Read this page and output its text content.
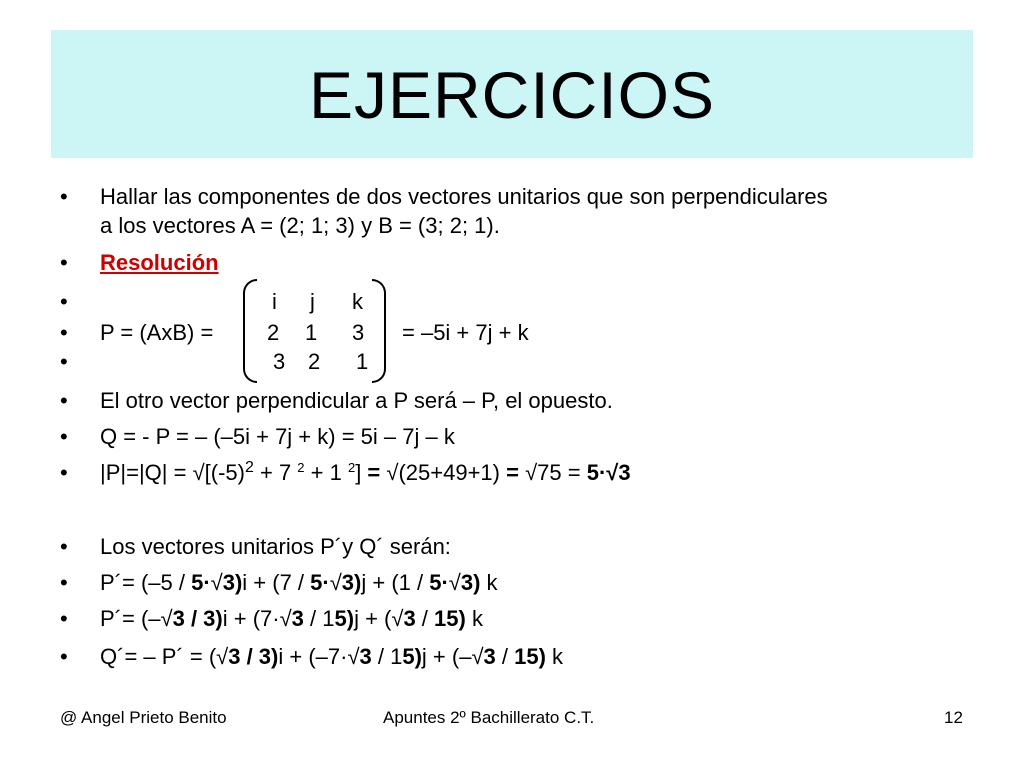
EJERCICIOS
• Hallar las componentes de dos vectores unitarios que son perpendiculares
a los vectores A = (2; 1; 3) y B = (3; 2; 1).
• Resolución
•
•
•
P = (AxB) =
i j k
2 1 3
3 2 1
= –5i + 7j + k
• El otro vector perpendicular a P será – P, el opuesto.
• Q = - P = – (–5i + 7j + k) = 5i – 7j – k
• $|P|=|Q| = √[(-5)^2 + 7$ $^2$ + 1 $^2$] = √(25+49+1) = √75 = 5·√3
• Los vectores unitarios P´y Q´ serán:
• P´= (–5 / 5·√3)i + (7 / 5·√3)j + (1 / 5·√3) k
• P´= (–√3 / 3)i + (7·√3 / 15)j + (√3 / 15) k
• Q´= – P´ = (√3 / 3)i + (–7·√3 / 15)j + (–√3 / 15) k
@ Angel Prieto Benito	Apuntes 2º Bachillerato C.T.	12
